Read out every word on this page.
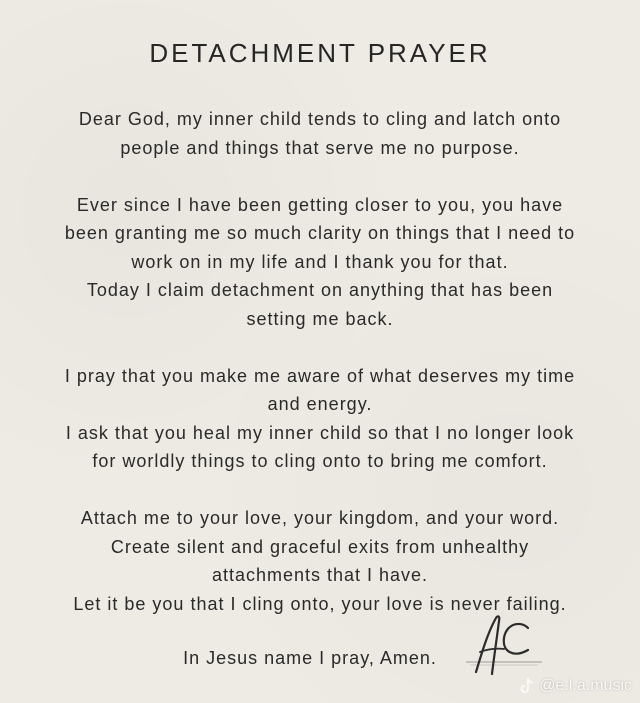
DETACHMENT PRAYER
Dear God, my inner child tends to cling and latch onto
people and things that serve me no purpose.
Ever since I have been getting closer to you, you have
been granting me so much clarity on things that I need to
work on in my life and I thank you for that.
Today I claim detachment on anything that has been
setting me back.
I pray that you make me aware of what deserves my time
and energy.
I ask that you heal my inner child so that I no longer look
for worldly things to cling onto to bring me comfort.
Attach me to your love, your kingdom, and your word.
Create silent and graceful exits from unhealthy
attachments that I have.
Let it be you that I cling onto, your love is never failing.
In Jesus name I pray, Amen.
@e.l.a.music
